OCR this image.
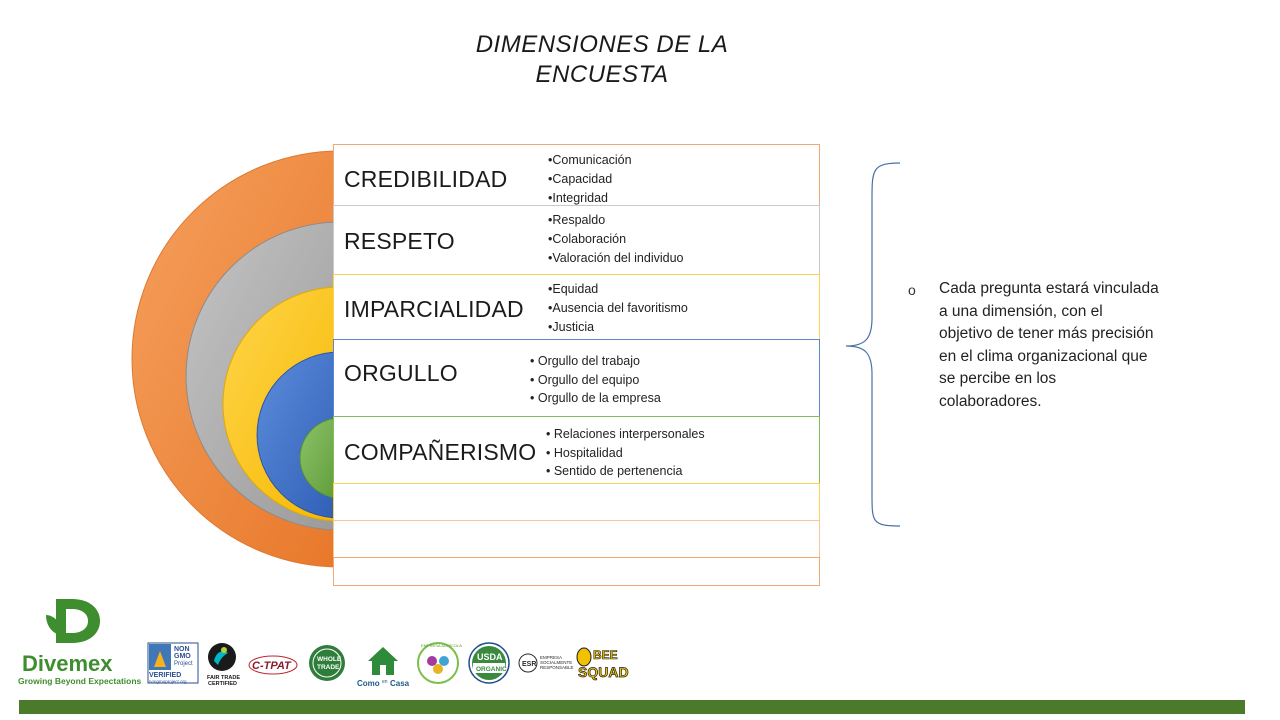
DIMENSIONES DE LA
ENCUESTA
CREDIBILIDAD
•Comunicación
•Capacidad
•Integridad
RESPETO
•Respaldo
•Colaboración
•Valoración del individuo
IMPARCIALIDAD
•Equidad
•Ausencia del favoritismo
•Justicia
ORGULLO	• Orgullo del trabajo
• Orgullo del equipo
• Orgullo de la empresa
COMPAÑERISMO
• Relaciones interpersonales
• Hospitalidad
• Sentido de pertenencia
o Cada pregunta estará vinculada a una dimensión, con el objetivo de tener más precisión en el clima organizacional que se percibe en los colaboradores.
Divemex
Growing Beyond Expectations
NON
GMO
Project
VERIFIED
nongmoproject.org
FAIR TRADE
CERTIFIED
C-TPAT
WHOLE
TRADE
Como en Casa
EMPRESA AGRÍCOLA
USDA
ORGANIC
ESR
EMPRESA
SOCIALMENTE
RESPONSABLE
BEE
SQUAD
